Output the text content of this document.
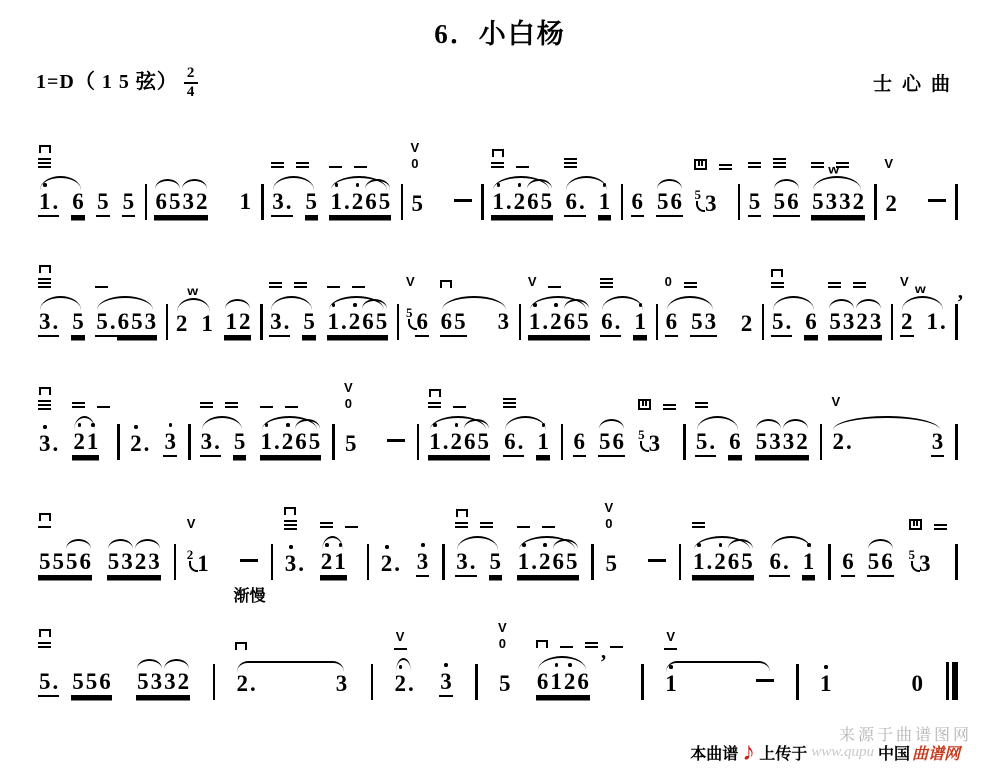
6．小白杨
1=D（ 1 5 弦） $\frac{2}{4}$	士心曲
1
. 6 5 5 65 32 1 3. 5 1
.2 65
V
0
5	1
.2 65 6. 1 6 56 5 3 5 56
w
5332
V
2
3. 5 5. 653
w
2 1 12 3. 5 1
.2 65
V
5 6 65 3
V
1
.2 65 6. 1
0
6 53 2 5. 6 53 23
V w
2 1.
’
3
. 2
1 2
. 3 3. 5 1
.2 65
V
0
5	1
.2 65 6. 1 6 56 5 3 5. 6 53 32
V
2.	3
55 56 53 23
V
2 1	3
. 2
1 2
. 3 3. 5 1
.2 65
V
0
5	1
.2 65 6. 1 6 56 5 3
5. 556 53 32
渐慢
2.	3
V
2
. 3
V
0
5 61
2
6
’
V
1	1	0
来源于曲谱图网
本曲谱 ♪ 上传于 www.qupu 中国 曲谱网
